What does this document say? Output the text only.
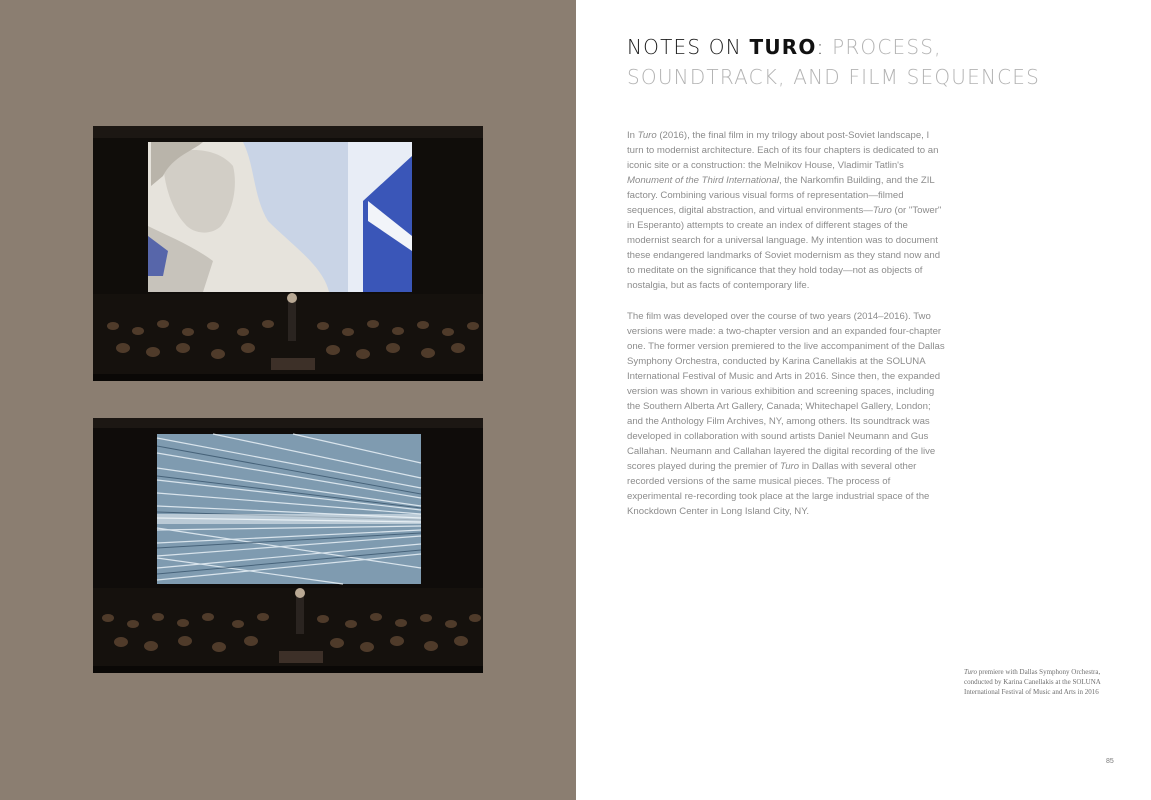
NOTES ON TURO: PROCESS,
SOUNDTRACK, AND FILM SEQUENCES

In Turo (2016), the final film in my trilogy about post-Soviet landscape, I turn to modernist architecture. Each of its four chapters is dedicated to an iconic site or a construction: the Melnikov House, Vladimir Tatlin's Monument of the Third International, the Narkomfin Building, and the ZIL factory. Combining various visual forms of representation—filmed sequences, digital abstraction, and virtual environments—Turo (or "Tower" in Esperanto) attempts to create an index of different stages of the modernist search for a universal language. My intention was to document these endangered landmarks of Soviet modernism as they stand now and to meditate on the significance that they hold today—not as objects of nostalgia, but as facts of contemporary life.

The film was developed over the course of two years (2014–2016). Two versions were made: a two-chapter version and an expanded four-chapter one. The former version premiered to the live accompaniment of the Dallas Symphony Orchestra, conducted by Karina Canellakis at the SOLUNA International Festival of Music and Arts in 2016. Since then, the expanded version was shown in various exhibition and screening spaces, including the Southern Alberta Art Gallery, Canada; Whitechapel Gallery, London; and the Anthology Film Archives, NY, among others. Its soundtrack was developed in collaboration with sound artists Daniel Neumann and Gus Callahan. Neumann and Callahan layered the digital recording of the live scores played during the premier of Turo in Dallas with several other recorded versions of the same musical pieces. The process of experimental re-recording took place at the large industrial space of the Knockdown Center in Long Island City, NY.

Turo premiere with Dallas Symphony Orchestra, conducted by Karina Canellakis at the SOLUNA International Festival of Music and Arts in 2016
85
